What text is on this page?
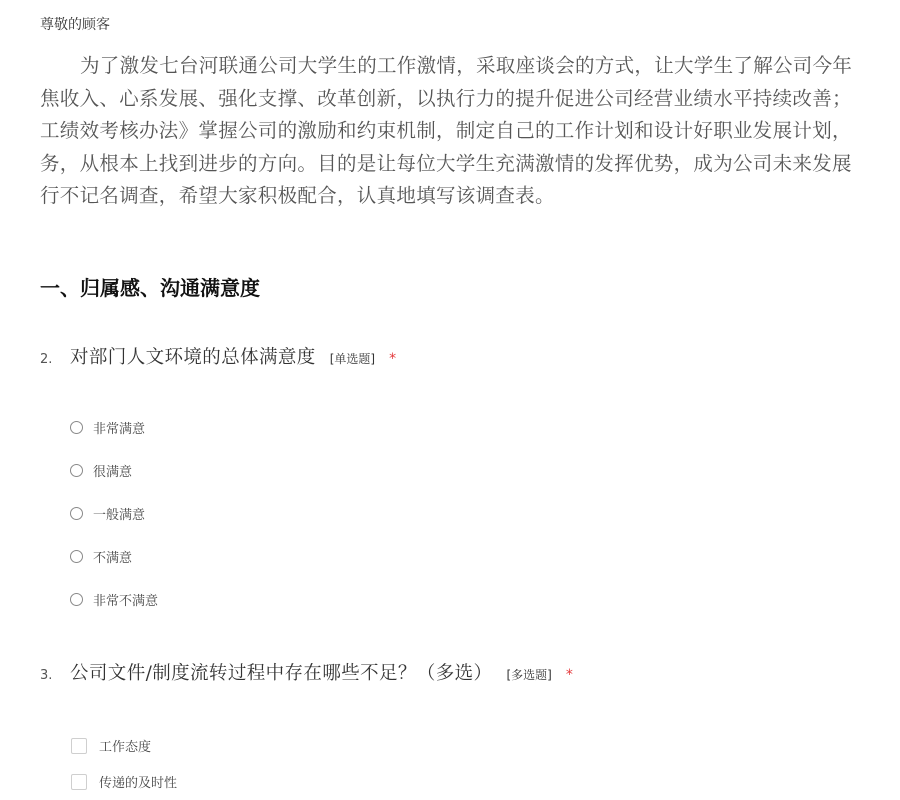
尊敬的顾客
为了激发七台河联通公司大学生的工作激情，采取座谈会的方式，让大学生了解公司今年
焦收入、心系发展、强化支撑、改革创新，以执行力的提升促进公司经营业绩水平持续改善；
工绩效考核办法》掌握公司的激励和约束机制，制定自己的工作计划和设计好职业发展计划，
务，从根本上找到进步的方向。目的是让每位大学生充满激情的发挥优势，成为公司未来发展
行不记名调查，希望大家积极配合，认真地填写该调查表。
一、归属感、沟通满意度
2. 对部门人文环境的总体满意度 [单选题] *
非常满意
很满意
一般满意
不满意
非常不满意
3. 公司文件/制度流转过程中存在哪些不足？（多选） [多选题] *
工作态度
传递的及时性
